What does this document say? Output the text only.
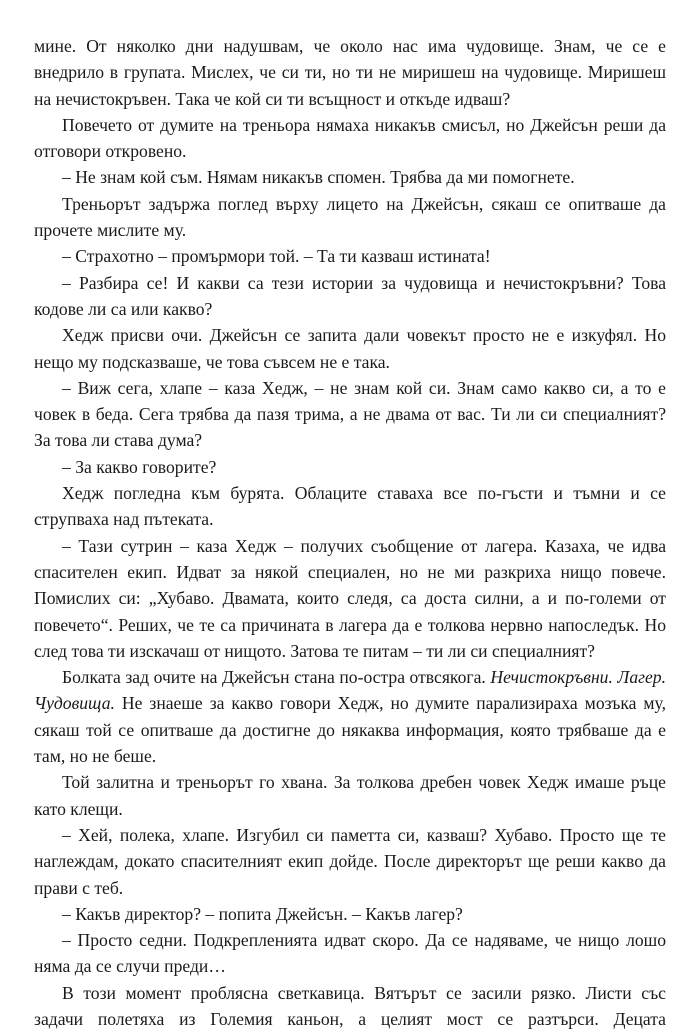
мине. От няколко дни надушвам, че около нас има чудовище. Знам, че се е внедрило в групата. Мислех, че си ти, но ти не миришеш на чудовище. Миришеш на нечистокръвен. Така че кой си ти всъщност и откъде идваш?

Повечето от думите на треньора нямаха никакъв смисъл, но Джейсън реши да отговори откровено.

– Не знам кой съм. Нямам никакъв спомен. Трябва да ми помогнете.

Треньорът задържа поглед върху лицето на Джейсън, сякаш се опитваше да прочете мислите му.

– Страхотно – промърмори той. – Та ти казваш истината!

– Разбира се! И какви са тези истории за чудовища и нечистокръвни? Това кодове ли са или какво?

Хедж присви очи. Джейсън се запита дали човекът просто не е изкуфял. Но нещо му подсказваше, че това съвсем не е така.

– Виж сега, хлапе – каза Хедж, – не знам кой си. Знам само какво си, а то е човек в беда. Сега трябва да пазя трима, а не двама от вас. Ти ли си специалният? За това ли става дума?

– За какво говорите?

Хедж погледна към бурята. Облаците ставаха все по-гъсти и тъмни и се струпваха над пътеката.

– Тази сутрин – каза Хедж – получих съобщение от лагера. Казаха, че идва спасителен екип. Идват за някой специален, но не ми разкриха нищо повече. Помислих си: „Хубаво. Двамата, които следя, са доста силни, а и по-големи от повечето“. Реших, че те са причината в лагера да е толкова нервно напоследък. Но след това ти изскачаш от нищото. Затова те питам – ти ли си специалният?

Болката зад очите на Джейсън стана по-остра отвсякога. Нечистокръвни. Лагер. Чудовища. Не знаеше за какво говори Хедж, но думите парализираха мозъка му, сякаш той се опитваше да достигне до някаква информация, която трябваше да е там, но не беше.

Той залитна и треньорът го хвана. За толкова дребен човек Хедж имаше ръце като клещи.

– Хей, полека, хлапе. Изгубил си паметта си, казваш? Хубаво. Просто ще те наглеждам, докато спасителният екип дойде. После директорът ще реши какво да прави с теб.

– Какъв директор? – попита Джейсън. – Какъв лагер?

– Просто седни. Подкрепленията идват скоро. Да се надяваме, че нищо лошо няма да се случи преди…

В този момент проблясна светкавица. Вятърът се засили рязко. Листи със задачи полетяха из Големия каньон, а целият мост се разтърси. Децата
